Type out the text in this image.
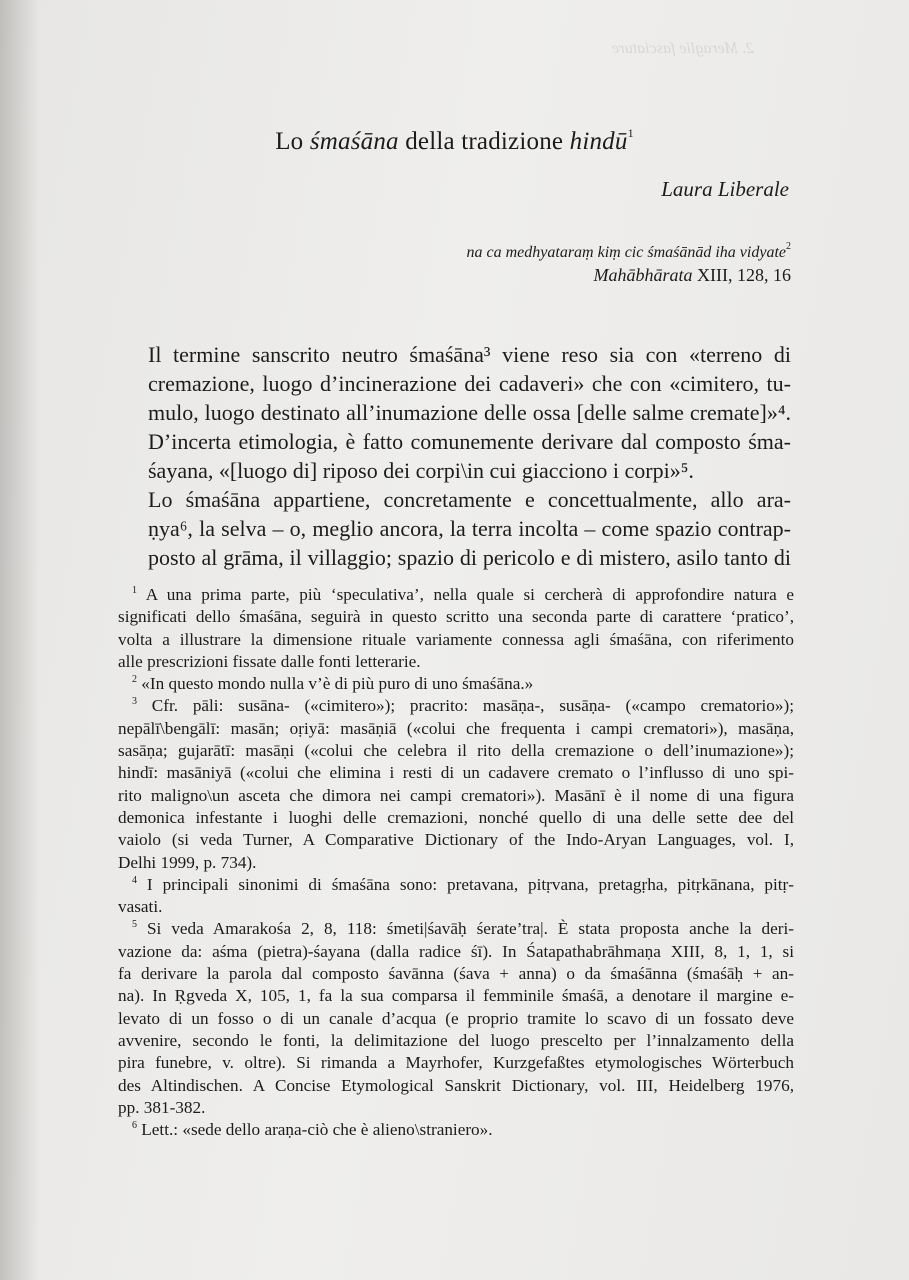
2. Meraglie fasciature
Lo śmaśāna della tradizione hindū$^1$
Laura Liberale
na ca medhyataraṃ kiṃ cic śmaśānād iha vidyate$^2$
Mahābhārata XIII, 128, 16

Il termine sanscrito neutro śmaśāna³ viene reso sia con «terreno di
cremazione, luogo d’incinerazione dei cadaveri» che con «cimitero, tu-
mulo, luogo destinato all’inumazione delle ossa [delle salme cremate]»⁴.
D’incerta etimologia, è fatto comunemente derivare dal composto śma-
śayana, «[luogo di] riposo dei corpi\in cui giacciono i corpi»⁵.

Lo śmaśāna appartiene, concretamente e concettualmente, allo ara-
ṇya⁶, la selva – o, meglio ancora, la terra incolta – come spazio contrap-
posto al grāma, il villaggio; spazio di pericolo e di mistero, asilo tanto di

$^1$ A una prima parte, più ‘speculativa’, nella quale si cercherà di approfondire natura e
significati dello śmaśāna, seguirà in questo scritto una seconda parte di carattere ‘pratico’,
volta a illustrare la dimensione rituale variamente connessa agli śmaśāna, con riferimento
alle prescrizioni fissate dalle fonti letterarie.
$^2$ «In questo mondo nulla v’è di più puro di uno śmaśāna.»
$^3$ Cfr. pāli: susāna- («cimitero»); pracrito: masāṇa-, susāṇa- («campo crematorio»);
nepālī\bengālī: masān; oṛiyā: masāṇiā («colui che frequenta i campi crematori»), masāṇa,
sasāṇa; gujarātī: masāṇi («colui che celebra il rito della cremazione o dell’inumazione»);
hindī: masāniyā («colui che elimina i resti di un cadavere cremato o l’influsso di uno spi-
rito maligno\un asceta che dimora nei campi crematori»). Masānī è il nome di una figura
demonica infestante i luoghi delle cremazioni, nonché quello di una delle sette dee del
vaiolo (si veda Turner, A Comparative Dictionary of the Indo-Aryan Languages, vol. I,
Delhi 1999, p. 734).
$^4$ I principali sinonimi di śmaśāna sono: pretavana, pitṛvana, pretagṛha, pitṛkānana, pitṛ-
vasati.
$^5$ Si veda Amarakośa 2, 8, 118: śmeti|śavāḥ śerate’tra|. È stata proposta anche la deri-
vazione da: aśma (pietra)-śayana (dalla radice śī). In Śatapathabrāhmaṇa XIII, 8, 1, 1, si
fa derivare la parola dal composto śavānna (śava + anna) o da śmaśānna (śmaśāḥ + an-
na). In Ṛgveda X, 105, 1, fa la sua comparsa il femminile śmaśā, a denotare il margine e-
levato di un fosso o di un canale d’acqua (e proprio tramite lo scavo di un fossato deve
avvenire, secondo le fonti, la delimitazione del luogo prescelto per l’innalzamento della
pira funebre, v. oltre). Si rimanda a Mayrhofer, Kurzgefaßtes etymologisches Wörterbuch
des Altindischen. A Concise Etymological Sanskrit Dictionary, vol. III, Heidelberg 1976,
pp. 381-382.
$^6$ Lett.: «sede dello araṇa-ciò che è alieno\straniero».
